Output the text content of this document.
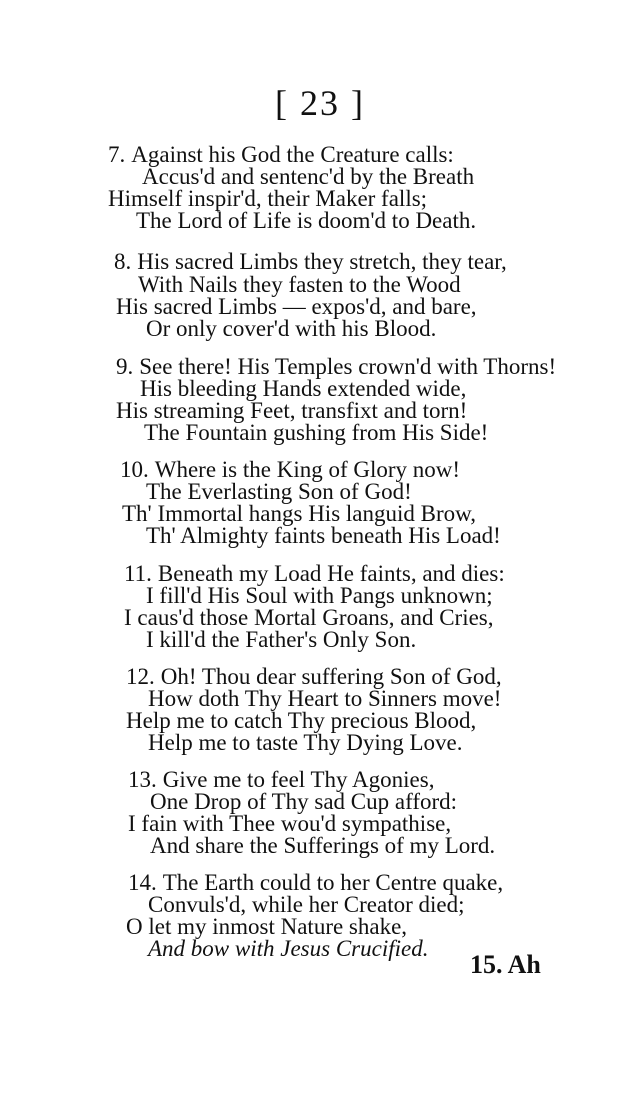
[ 23 ]
7. Against his God the Creature calls:
Accus'd and sentenc'd by the Breath
Himself inspir'd, their Maker falls;
The Lord of Life is doom'd to Death.
8. His sacred Limbs they stretch, they tear,
With Nails they fasten to the Wood
His sacred Limbs — expos'd, and bare,
Or only cover'd with his Blood.
9. See there! His Temples crown'd with Thorns!
His bleeding Hands extended wide,
His streaming Feet, transfixt and torn!
The Fountain gushing from His Side!
10. Where is the King of Glory now!
The Everlasting Son of God!
Th' Immortal hangs His languid Brow,
Th' Almighty faints beneath His Load!
11. Beneath my Load He faints, and dies:
I fill'd His Soul with Pangs unknown;
I caus'd those Mortal Groans, and Cries,
I kill'd the Father's Only Son.
12. Oh! Thou dear suffering Son of God,
How doth Thy Heart to Sinners move!
Help me to catch Thy precious Blood,
Help me to taste Thy Dying Love.
13. Give me to feel Thy Agonies,
One Drop of Thy sad Cup afford:
I fain with Thee wou'd sympathise,
And share the Sufferings of my Lord.
14. The Earth could to her Centre quake,
Convuls'd, while her Creator died;
O let my inmost Nature shake,
And bow with Jesus Crucified.
15. Ah
